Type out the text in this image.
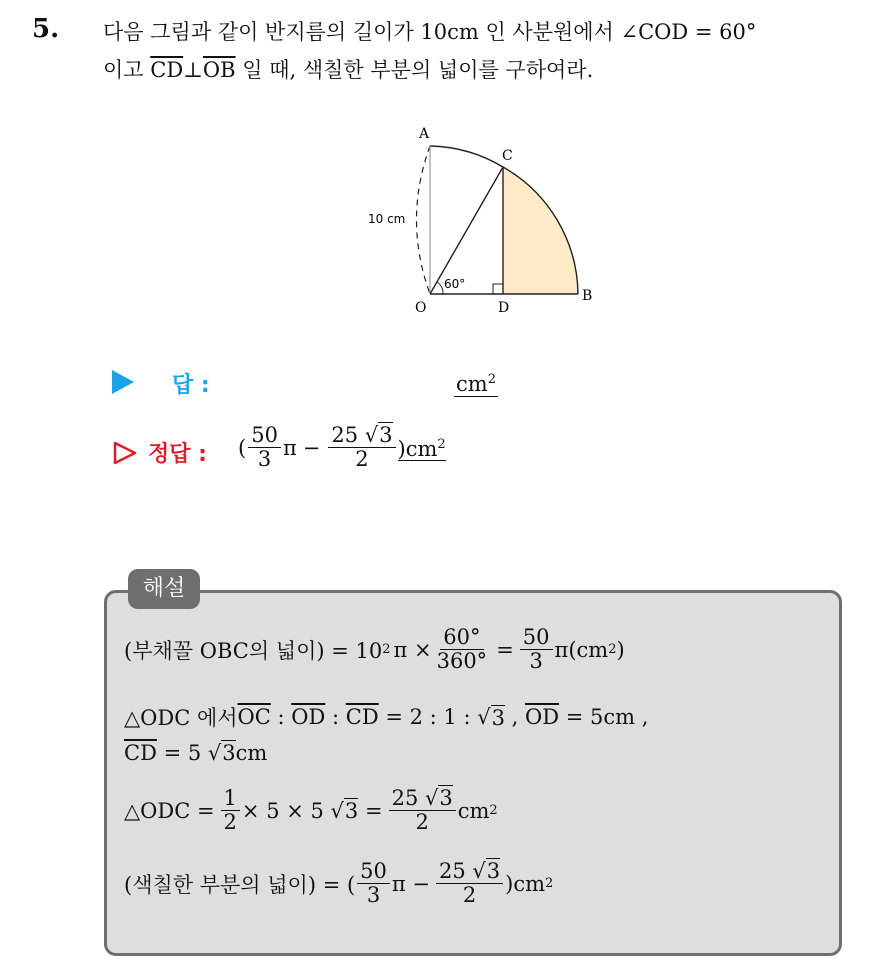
5. 다음 그림과 같이 반지름의 길이가 10cm 인 사분원에서 ∠COD = 60°
이고 $\overline{CD}\perp\overline{OB}$ 일 때, 색칠한 부분의 넓이를 구하여라.
A
C
O	D
B
10 cm
60°
답 :	$cm^2$
정답 : ( $\frac{50}{3}$ $\pi - \frac{25 √3}{2} )cm^2$
해설
(부채꼴 OBC의 넓이) = 10 2 $\pi \times \frac{60^\circ}{360^\circ} = \frac{50}{3} \pi(cm$ 2 )
△ODC 에서 $\overline{OC}$ : $\overline{OD}$ : $\overline{CD} = 2$ : 1 : √ 3 , $\overline{OD} = 5cm$ ,
$\overline{CD} = 5$ √ 3 cm
△ODC = $\frac{1}{2} \times 5 \times 5$ √ $3 = \frac{25 √3}{2}$ cm 2
(색칠한 부분의 넓이) = ( $\frac{50}{3}$ $\pi - \frac{25 √3}{2} )cm$ 2
